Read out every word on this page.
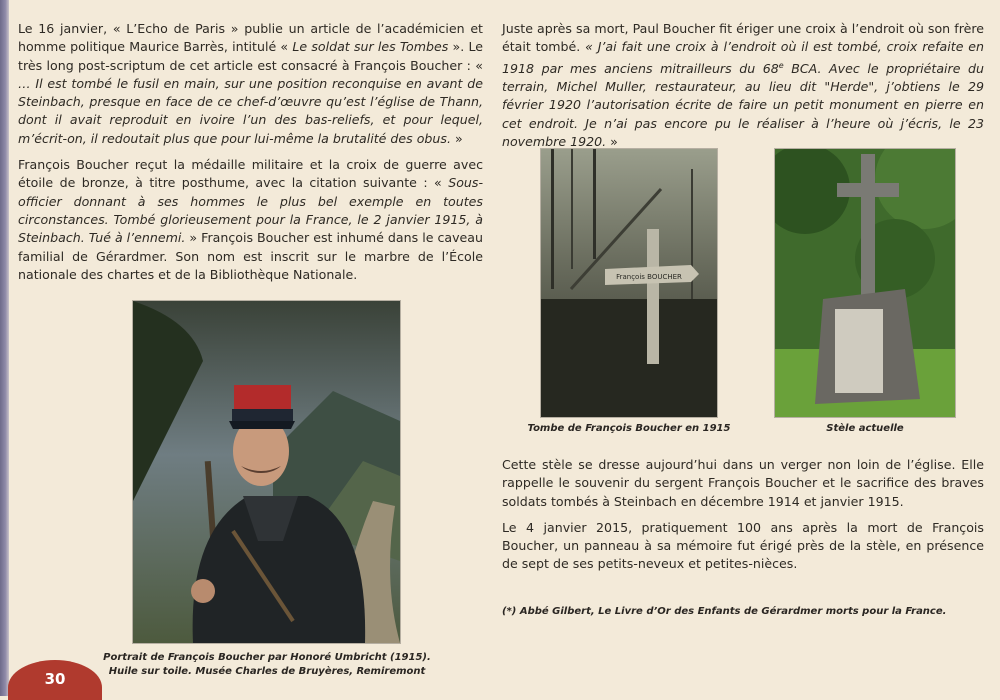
Le 16 janvier, « L’Echo de Paris » publie un article de l’académicien et homme politique Maurice Barrès, intitulé « Le soldat sur les Tombes ». Le très long post-scriptum de cet article est consacré à François Boucher : « … Il est tombé le fusil en main, sur une position reconquise en avant de Steinbach, presque en face de ce chef-d’œuvre qu’est l’église de Thann, dont il avait reproduit en ivoire l’un des bas-reliefs, et pour lequel, m’écrit-on, il redoutait plus que pour lui-même la brutalité des obus. »

François Boucher reçut la médaille militaire et la croix de guerre avec étoile de bronze, à titre posthume, avec la citation suivante : « Sous-officier donnant à ses hommes le plus bel exemple en toutes circonstances. Tombé glorieusement pour la France, le 2 janvier 1915, à Steinbach. Tué à l’ennemi. » François Boucher est inhumé dans le caveau familial de Gérardmer. Son nom est inscrit sur le marbre de l’École nationale des chartes et de la Bibliothèque Nationale.

Portrait de François Boucher par Honoré Umbricht (1915).
Huile sur toile. Musée Charles de Bruyères, Remiremont

Juste après sa mort, Paul Boucher fit ériger une croix à l’endroit où son frère était tombé. « J’ai fait une croix à l’endroit où il est tombé, croix refaite en 1918 par mes anciens mitrailleurs du 68e BCA. Avec le propriétaire du terrain, Michel Muller, restaurateur, au lieu dit "Herde", j’obtiens le 29 février 1920 l’autorisation écrite de faire un petit monument en pierre en cet endroit. Je n’ai pas encore pu le réaliser à l’heure où j’écris, le 23 novembre 1920. »

François BOUCHER
Tombe de François Boucher en 1915	Stèle actuelle

Cette stèle se dresse aujourd’hui dans un verger non loin de l’église. Elle rappelle le souvenir du sergent François Boucher et le sacrifice des braves soldats tombés à Steinbach en décembre 1914 et janvier 1915.

Le 4 janvier 2015, pratiquement 100 ans après la mort de François Boucher, un panneau à sa mémoire fut érigé près de la stèle, en présence de sept de ses petits-neveux et petites-nièces.

(*) Abbé Gilbert, Le Livre d’Or des Enfants de Gérardmer morts pour la France.
30
